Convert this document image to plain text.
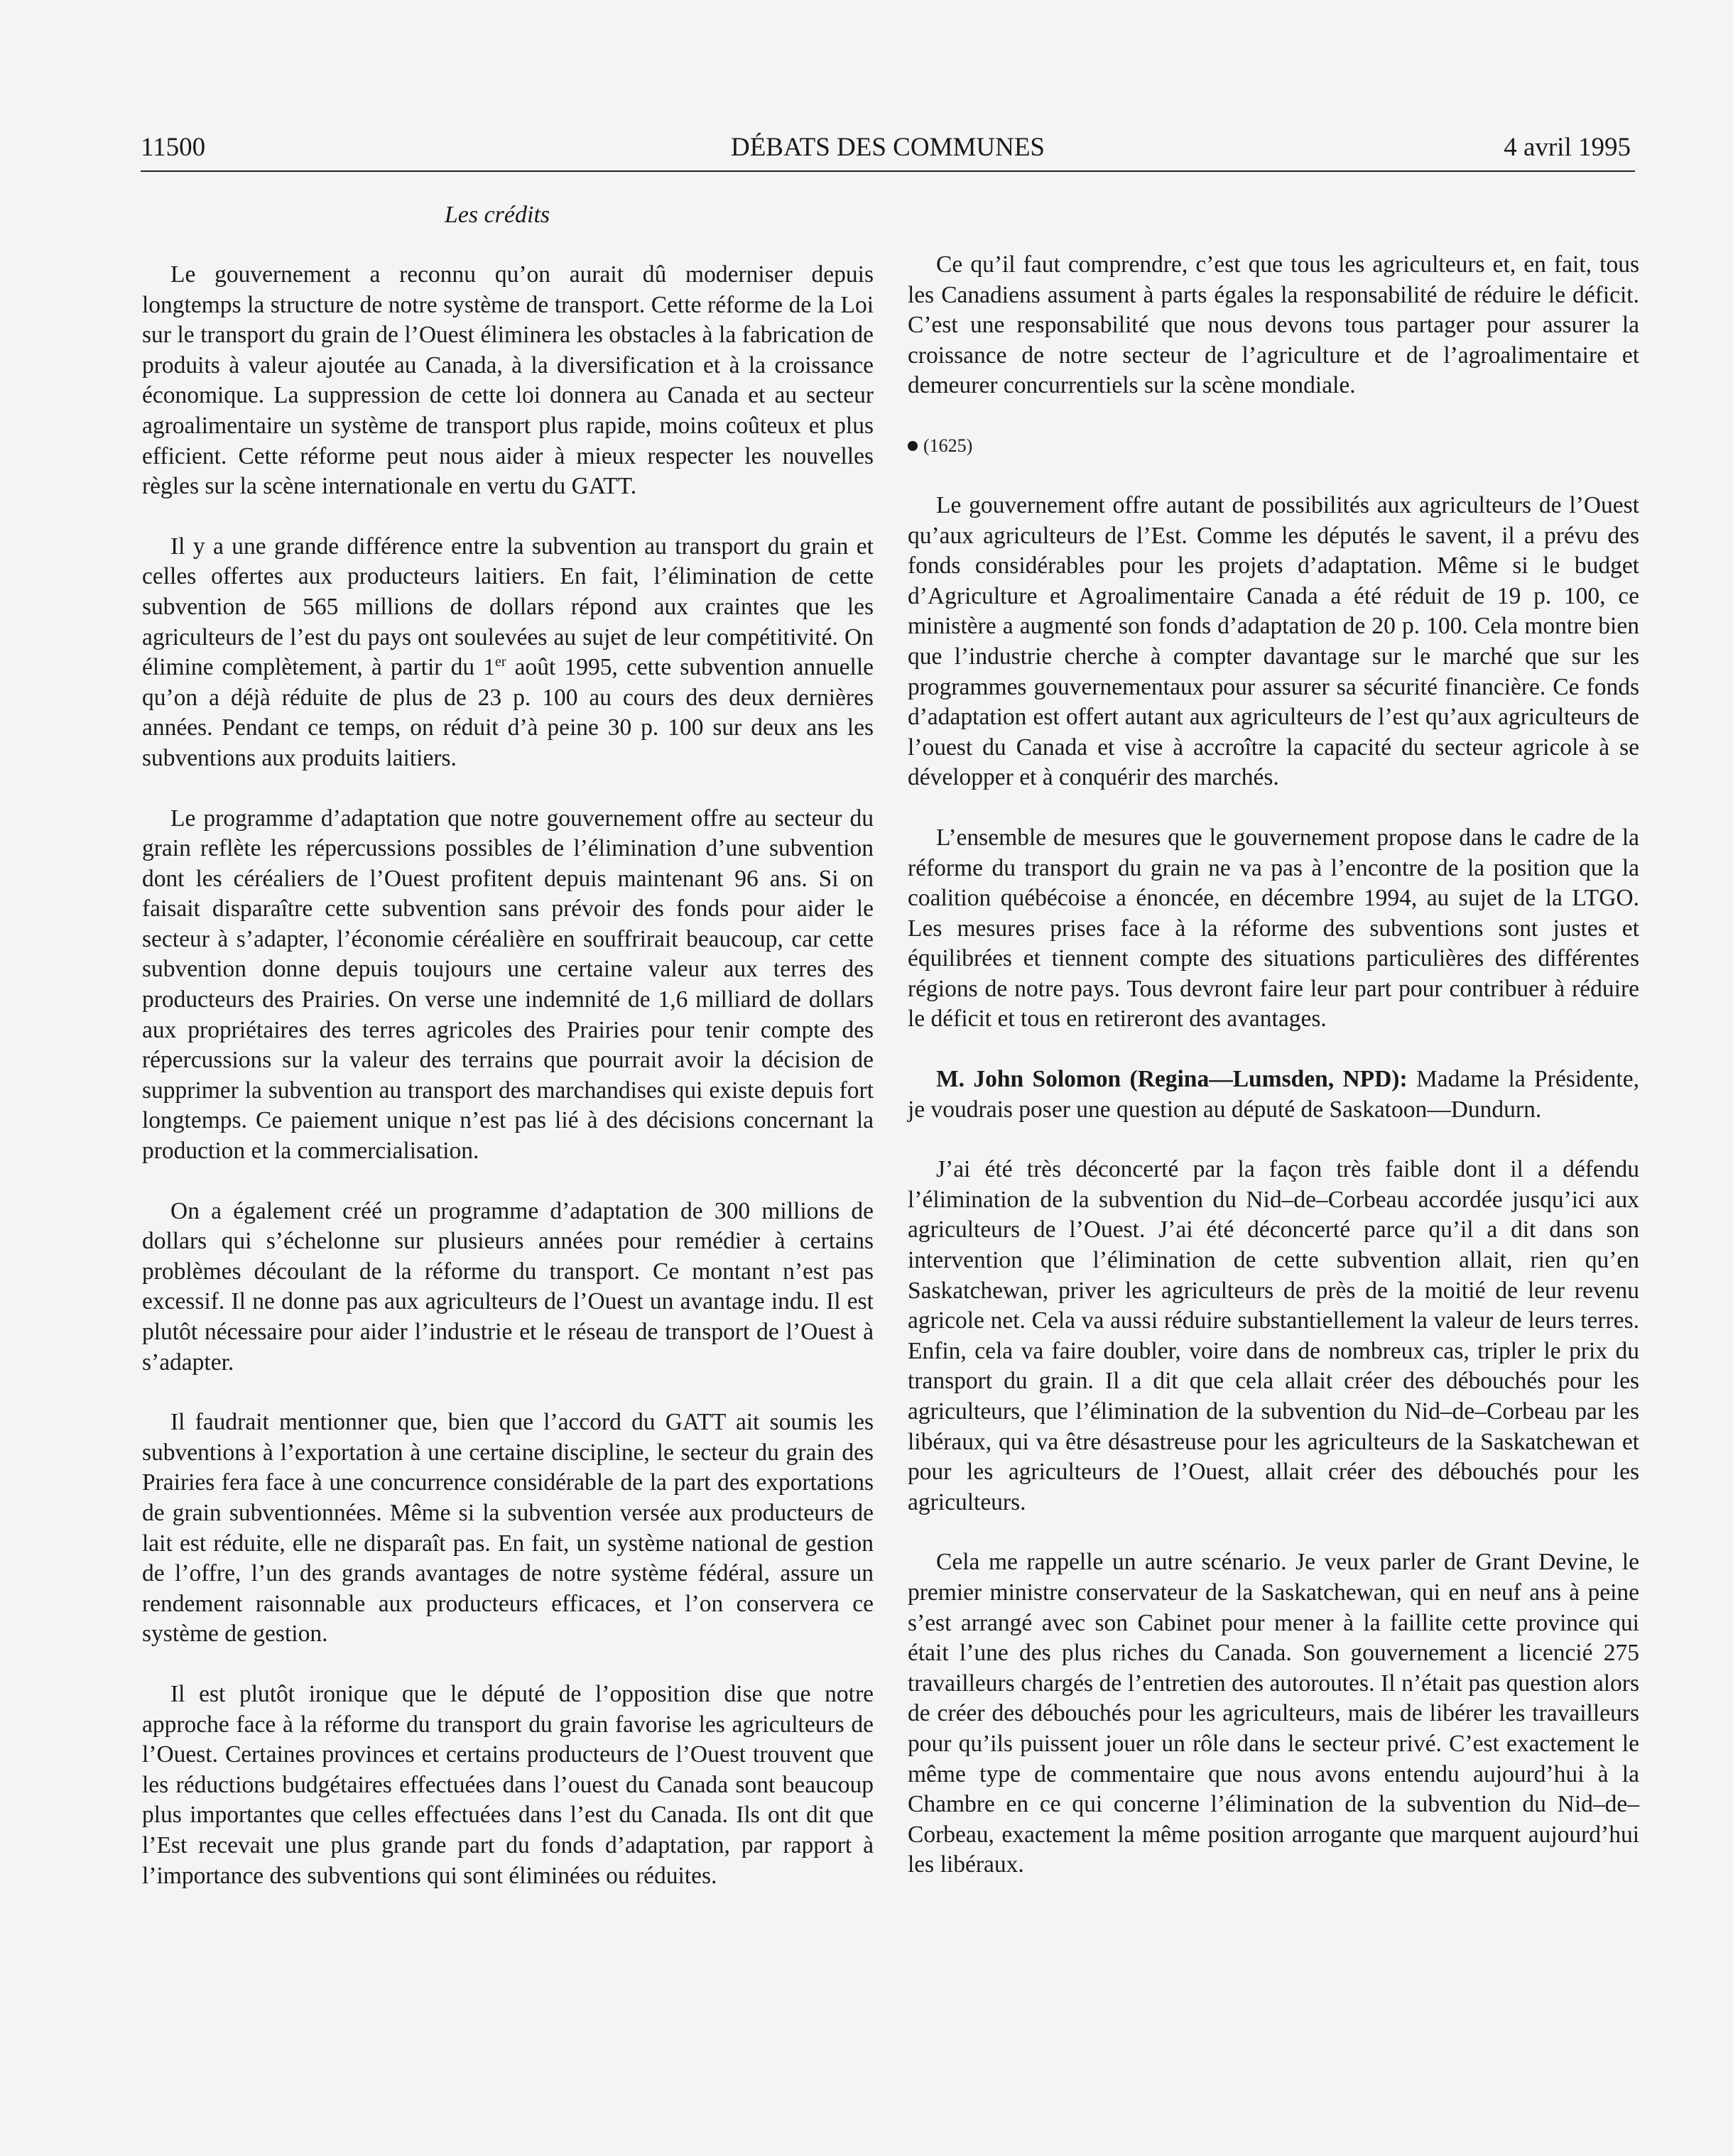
11500	DÉBATS DES COMMUNES	4 avril 1995
Les crédits

Le gouvernement a reconnu qu’on aurait dû moderniser depuis longtemps la structure de notre système de transport. Cette réforme de la Loi sur le transport du grain de l’Ouest éliminera les obstacles à la fabrication de produits à valeur ajoutée au Canada, à la diversification et à la croissance économique. La suppression de cette loi donnera au Canada et au secteur agroalimentaire un système de transport plus rapide, moins coûteux et plus efficient. Cette réforme peut nous aider à mieux respecter les nouvelles règles sur la scène internationale en vertu du GATT.

Il y a une grande différence entre la subvention au transport du grain et celles offertes aux producteurs laitiers. En fait, l’élimination de cette subvention de 565 millions de dollars répond aux craintes que les agriculteurs de l’est du pays ont soulevées au sujet de leur compétitivité. On élimine complètement, à partir du 1er août 1995, cette subvention annuelle qu’on a déjà réduite de plus de 23 p. 100 au cours des deux dernières années. Pendant ce temps, on réduit d’à peine 30 p. 100 sur deux ans les subventions aux produits laitiers.

Le programme d’adaptation que notre gouvernement offre au secteur du grain reflète les répercussions possibles de l’élimination d’une subvention dont les céréaliers de l’Ouest profitent depuis maintenant 96 ans. Si on faisait disparaître cette subvention sans prévoir des fonds pour aider le secteur à s’adapter, l’économie céréalière en souffrirait beaucoup, car cette subvention donne depuis toujours une certaine valeur aux terres des producteurs des Prairies. On verse une indemnité de 1,6 milliard de dollars aux propriétaires des terres agricoles des Prairies pour tenir compte des répercussions sur la valeur des terrains que pourrait avoir la décision de supprimer la subvention au transport des marchandises qui existe depuis fort longtemps. Ce paiement unique n’est pas lié à des décisions concernant la production et la commercialisation.

On a également créé un programme d’adaptation de 300 millions de dollars qui s’échelonne sur plusieurs années pour remédier à certains problèmes découlant de la réforme du transport. Ce montant n’est pas excessif. Il ne donne pas aux agriculteurs de l’Ouest un avantage indu. Il est plutôt nécessaire pour aider l’industrie et le réseau de transport de l’Ouest à s’adapter.

Il faudrait mentionner que, bien que l’accord du GATT ait soumis les subventions à l’exportation à une certaine discipline, le secteur du grain des Prairies fera face à une concurrence considérable de la part des exportations de grain subventionnées. Même si la subvention versée aux producteurs de lait est réduite, elle ne disparaît pas. En fait, un système national de gestion de l’offre, l’un des grands avantages de notre système fédéral, assure un rendement raisonnable aux producteurs efficaces, et l’on conservera ce système de gestion.

Il est plutôt ironique que le député de l’opposition dise que notre approche face à la réforme du transport du grain favorise les agriculteurs de l’Ouest. Certaines provinces et certains producteurs de l’Ouest trouvent que les réductions budgétaires effectuées dans l’ouest du Canada sont beaucoup plus importantes que celles effectuées dans l’est du Canada. Ils ont dit que l’Est recevait une plus grande part du fonds d’adaptation, par rapport à l’importance des subventions qui sont éliminées ou réduites.

Ce qu’il faut comprendre, c’est que tous les agriculteurs et, en fait, tous les Canadiens assument à parts égales la responsabilité de réduire le déficit. C’est une responsabilité que nous devons tous partager pour assurer la croissance de notre secteur de l’agriculture et de l’agroalimentaire et demeurer concurrentiels sur la scène mondiale.

(1625)

Le gouvernement offre autant de possibilités aux agriculteurs de l’Ouest qu’aux agriculteurs de l’Est. Comme les députés le savent, il a prévu des fonds considérables pour les projets d’adaptation. Même si le budget d’Agriculture et Agroalimentaire Canada a été réduit de 19 p. 100, ce ministère a augmenté son fonds d’adaptation de 20 p. 100. Cela montre bien que l’industrie cherche à compter davantage sur le marché que sur les programmes gouvernementaux pour assurer sa sécurité financière. Ce fonds d’adaptation est offert autant aux agriculteurs de l’est qu’aux agriculteurs de l’ouest du Canada et vise à accroître la capacité du secteur agricole à se développer et à conquérir des marchés.

L’ensemble de mesures que le gouvernement propose dans le cadre de la réforme du transport du grain ne va pas à l’encontre de la position que la coalition québécoise a énoncée, en décembre 1994, au sujet de la LTGO. Les mesures prises face à la réforme des subventions sont justes et équilibrées et tiennent compte des situations particulières des différentes régions de notre pays. Tous devront faire leur part pour contribuer à réduire le déficit et tous en retireront des avantages.

M. John Solomon (Regina—Lumsden, NPD): Madame la Présidente, je voudrais poser une question au député de Saskatoon—Dundurn.

J’ai été très déconcerté par la façon très faible dont il a défendu l’élimination de la subvention du Nid–de–Corbeau accordée jusqu’ici aux agriculteurs de l’Ouest. J’ai été déconcerté parce qu’il a dit dans son intervention que l’élimination de cette subvention allait, rien qu’en Saskatchewan, priver les agriculteurs de près de la moitié de leur revenu agricole net. Cela va aussi réduire substantiellement la valeur de leurs terres. Enfin, cela va faire doubler, voire dans de nombreux cas, tripler le prix du transport du grain. Il a dit que cela allait créer des débouchés pour les agriculteurs, que l’élimination de la subvention du Nid–de–Corbeau par les libéraux, qui va être désastreuse pour les agriculteurs de la Saskatchewan et pour les agriculteurs de l’Ouest, allait créer des débouchés pour les agriculteurs.

Cela me rappelle un autre scénario. Je veux parler de Grant Devine, le premier ministre conservateur de la Saskatchewan, qui en neuf ans à peine s’est arrangé avec son Cabinet pour mener à la faillite cette province qui était l’une des plus riches du Canada. Son gouvernement a licencié 275 travailleurs chargés de l’entretien des autoroutes. Il n’était pas question alors de créer des débouchés pour les agriculteurs, mais de libérer les travailleurs pour qu’ils puissent jouer un rôle dans le secteur privé. C’est exactement le même type de commentaire que nous avons entendu aujourd’hui à la Chambre en ce qui concerne l’élimination de la subvention du Nid–de–Corbeau, exactement la même position arrogante que marquent aujourd’hui les libéraux.
